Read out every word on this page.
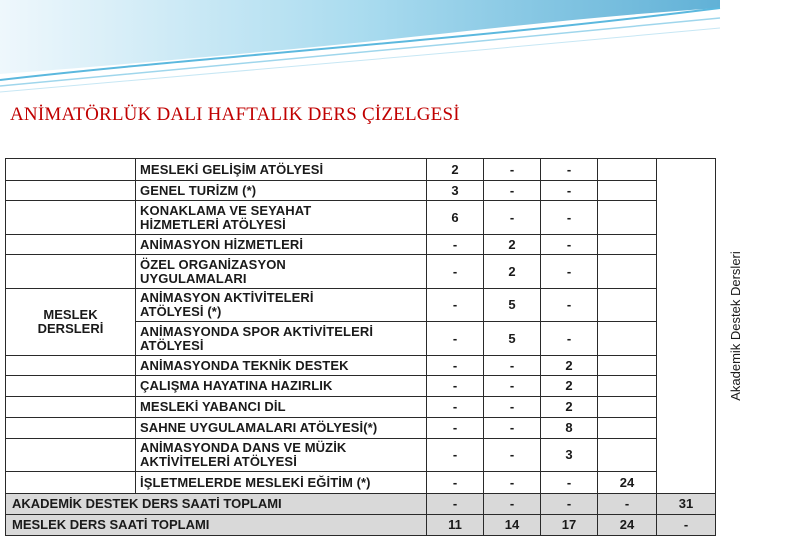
ANİMATÖRLÜK DALI HAFTALIK DERS ÇİZELGESİ
	MESLEKİ GELİŞİM ATÖLYESİ	2	-	-		Akademik Destek Dersleri
	GENEL TURİZM (*)	3	-	-		
	KONAKLAMA VE SEYAHAT
HİZMETLERİ ATÖLYESİ	6	-	-		
	ANİMASYON HİZMETLERİ	-	2	-		
	ÖZEL ORGANİZASYON
UYGULAMALARI	-	2	-		
MESLEK
DERSLERİ	ANİMASYON AKTİVİTELERİ
ATÖLYESİ (*)	-	5	-		
	ANİMASYONDA SPOR AKTİVİTELERİ
ATÖLYESİ	-	5	-		
	ANİMASYONDA TEKNİK DESTEK	-	-	2		
	ÇALIŞMA HAYATINA HAZIRLIK	-	-	2		
	MESLEKİ YABANCI DİL	-	-	2		
	SAHNE UYGULAMALARI ATÖLYESİ(*)	-	-	8		
	ANİMASYONDA DANS VE MÜZİK
AKTİVİTELERİ ATÖLYESİ	-	-	3		
	İŞLETMELERDE MESLEKİ EĞİTİM (*)	-	-	-	24	
AKADEMİK DESTEK DERS SAATİ TOPLAMI		-	-	-	-	31
MESLEK DERS SAATİ TOPLAMI		11	14	17	24	-
